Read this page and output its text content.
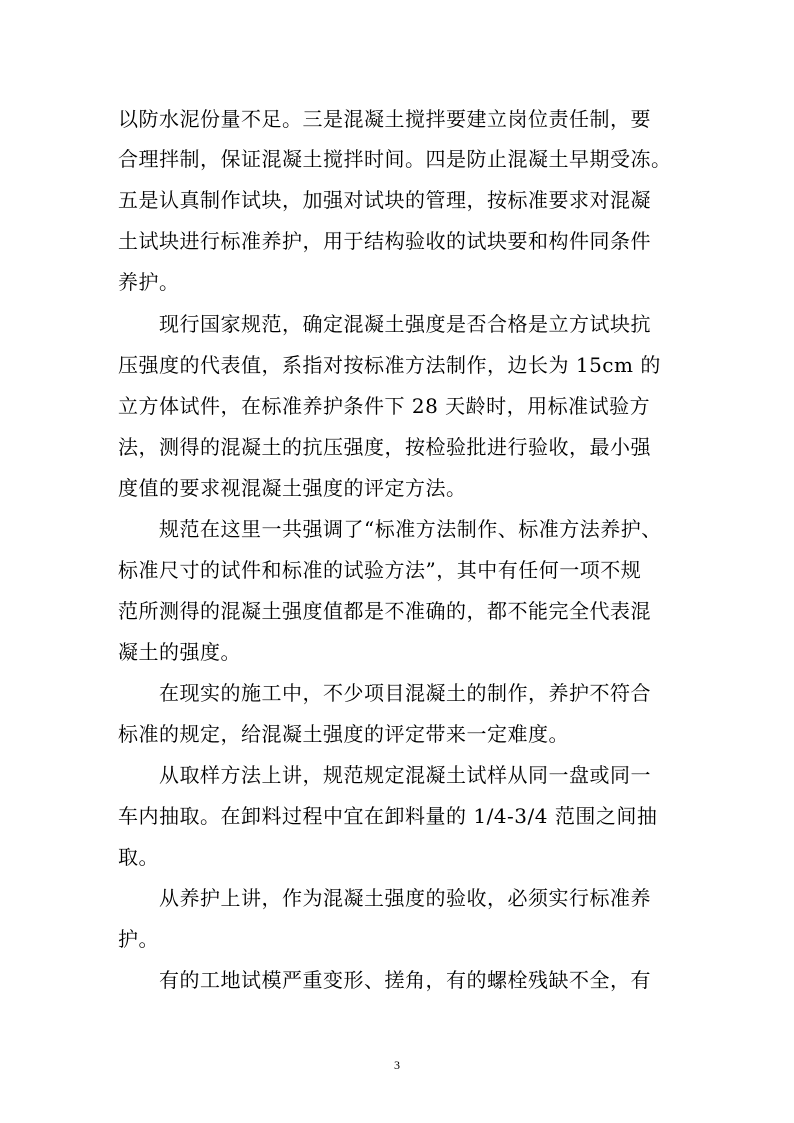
以防水泥份量不足。三是混凝土搅拌要建立岗位责任制，要
合理拌制，保证混凝土搅拌时间。四是防止混凝土早期受冻。
五是认真制作试块，加强对试块的管理，按标准要求对混凝
土试块进行标准养护，用于结构验收的试块要和构件同条件
养护。
现行国家规范，确定混凝土强度是否合格是立方试块抗
压强度的代表值，系指对按标准方法制作，边长为 15cm 的
立方体试件，在标准养护条件下 28 天龄时，用标准试验方
法，测得的混凝土的抗压强度，按检验批进行验收，最小强
度值的要求视混凝土强度的评定方法。
规范在这里一共强调了“标准方法制作、标准方法养护、
标准尺寸的试件和标准的试验方法”，其中有任何一项不规
范所测得的混凝土强度值都是不准确的，都不能完全代表混
凝土的强度。
在现实的施工中，不少项目混凝土的制作，养护不符合
标准的规定，给混凝土强度的评定带来一定难度。
从取样方法上讲，规范规定混凝土试样从同一盘或同一
车内抽取。在卸料过程中宜在卸料量的 1/4-3/4 范围之间抽
取。
从养护上讲，作为混凝土强度的验收，必须实行标准养
护。
有的工地试模严重变形、搓角，有的螺栓残缺不全，有
3
